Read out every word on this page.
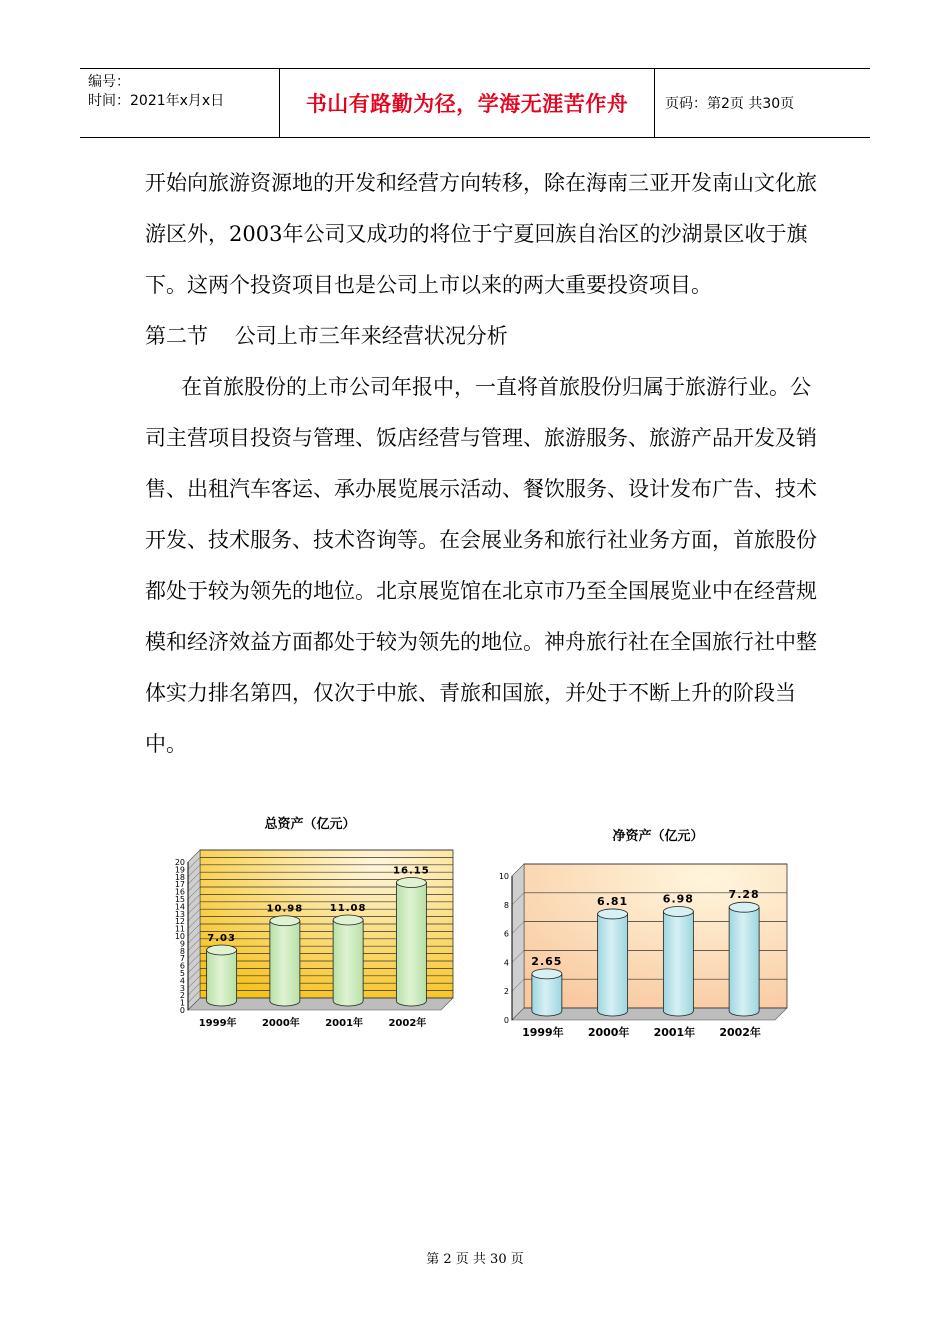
编号：
时间：2021年x月x日	书山有路勤为径，学海无涯苦作舟	页码：第2页 共30页

开始向旅游资源地的开发和经营方向转移，除在海南三亚开发南山文化旅游区外，2003年公司又成功的将位于宁夏回族自治区的沙湖景区收于旗下。这两个投资项目也是公司上市以来的两大重要投资项目。

第二节    公司上市三年来经营状况分析

在首旅股份的上市公司年报中，一直将首旅股份归属于旅游行业。公司主营项目投资与管理、饭店经营与管理、旅游服务、旅游产品开发及销售、出租汽车客运、承办展览展示活动、餐饮服务、设计发布广告、技术开发、技术服务、技术咨询等。在会展业务和旅行社业务方面，首旅股份都处于较为领先的地位。北京展览馆在北京市乃至全国展览业中在经营规模和经济效益方面都处于较为领先的地位。神舟旅行社在全国旅行社中整体实力排名第四，仅次于中旅、青旅和国旅，并处于不断上升的阶段当中。

总资产（亿元）
0
1
2
3
4
5
6
7
8
9
10
11
12
13
14
15
16
17
18
19
20
7.03
1999年
10.98
2000年
11.08
2001年
16.15
2002年
净资产（亿元）
0
2
4
6
8
10
2.65
1999年
6.81
2000年
6.98
2001年
7.28
2002年
第 2 页 共 30 页
